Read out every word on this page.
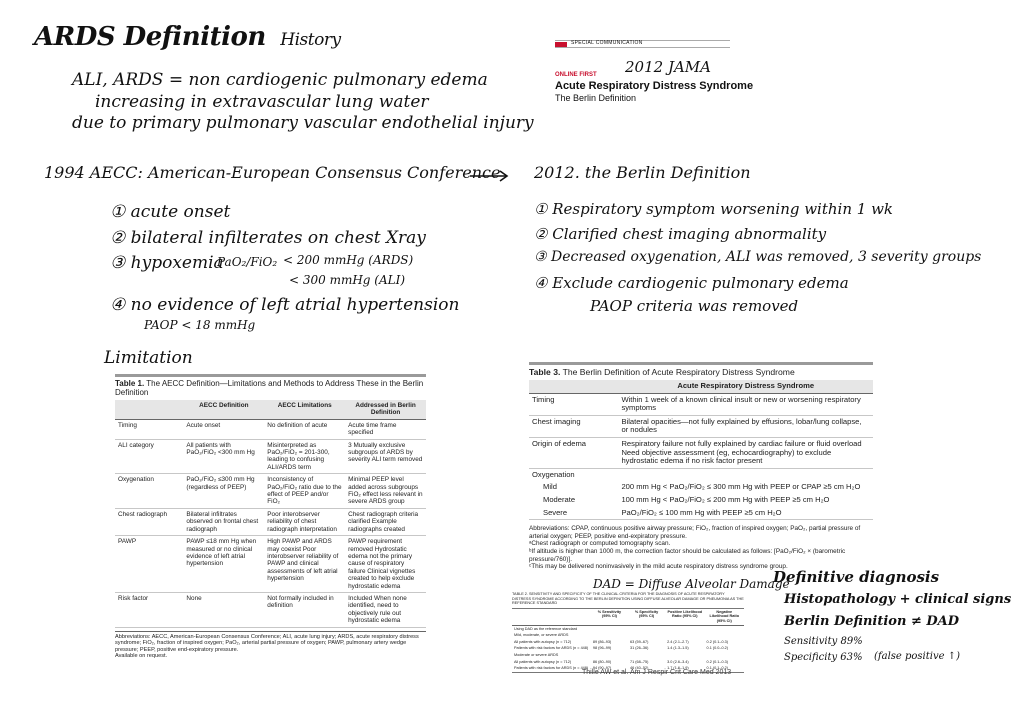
ARDS Definition History
ALI, ARDS = non cardiogenic pulmonary edema
increasing in extravascular lung water
due to primary pulmonary vascular endothelial injury
SPECIAL COMMUNICATION
ONLINE FIRST
Acute Respiratory Distress Syndrome
The Berlin Definition
2012 JAMA
1994 AECC: American-European Consensus Conference
① acute onset
② bilateral infilterates on chest Xray
③ hypoxemia
PaO₂/FiO₂ < 200 mmHg (ARDS)
< 300 mmHg (ALI)
④ no evidence of left atrial hypertension
PAOP < 18 mmHg
Limitation
2012. the Berlin Definition
① Respiratory symptom worsening within 1 wk
② Clarified chest imaging abnormality
③ Decreased oxygenation, ALI was removed, 3 severity groups
④ Exclude cardiogenic pulmonary edema
PAOP criteria was removed
Table 1. The AECC Definition—Limitations and Methods to Address These in the Berlin Definition
	AECC Definition	AECC Limitations	Addressed in Berlin Definition
Timing	Acute onset	No definition of acute	Acute time frame specified
ALI category	All patients with PaO₂/FiO₂ <300 mm Hg	Misinterpreted as PaO₂/FiO₂ = 201-300, leading to confusing ALI/ARDS term	3 Mutually exclusive subgroups of ARDS by severity ALI term removed
Oxygenation	PaO₂/FiO₂ ≤300 mm Hg (regardless of PEEP)	Inconsistency of PaO₂/FiO₂ ratio due to the effect of PEEP and/or FiO₂	Minimal PEEP level added across subgroups FiO₂ effect less relevant in severe ARDS group
Chest radiograph	Bilateral infiltrates observed on frontal chest radiograph	Poor interobserver reliability of chest radiograph interpretation	Chest radiograph criteria clarified Example radiographs created
PAWP	PAWP ≤18 mm Hg when measured or no clinical evidence of left atrial hypertension	High PAWP and ARDS may coexist Poor interobserver reliability of PAWP and clinical assessments of left atrial hypertension	PAWP requirement removed Hydrostatic edema not the primary cause of respiratory failure Clinical vignettes created to help exclude hydrostatic edema
Risk factor	None	Not formally included in definition	Included When none identified, need to objectively rule out hydrostatic edema
Abbreviations: AECC, American-European Consensus Conference; ALI, acute lung injury; ARDS, acute respiratory distress syndrome; FiO₂, fraction of inspired oxygen; PaO₂, arterial partial pressure of oxygen; PAWP, pulmonary artery wedge pressure; PEEP, positive end-expiratory pressure.
Available on request.
Table 3. The Berlin Definition of Acute Respiratory Distress Syndrome
	Acute Respiratory Distress Syndrome
Timing	Within 1 week of a known clinical insult or new or worsening respiratory symptoms
Chest imaging	Bilateral opacities—not fully explained by effusions, lobar/lung collapse, or nodules
Origin of edema	Respiratory failure not fully explained by cardiac failure or fluid overload Need objective assessment (eg, echocardiography) to exclude hydrostatic edema if no risk factor present
Oxygenation	
Mild	200 mm Hg < PaO₂/FiO₂ ≤ 300 mm Hg with PEEP or CPAP ≥5 cm H₂O
Moderate	100 mm Hg < PaO₂/FiO₂ ≤ 200 mm Hg with PEEP ≥5 cm H₂O
Severe	PaO₂/FiO₂ ≤ 100 mm Hg with PEEP ≥5 cm H₂O
Abbreviations: CPAP, continuous positive airway pressure; FiO₂, fraction of inspired oxygen; PaO₂, partial pressure of arterial oxygen; PEEP, positive end-expiratory pressure.
ᵃChest radiograph or computed tomography scan.
ᵇIf altitude is higher than 1000 m, the correction factor should be calculated as follows: [PaO₂/FiO₂ × (barometric pressure/760)].
ᶜThis may be delivered noninvasively in the mild acute respiratory distress syndrome group.
DAD = Diffuse Alveolar Damage
TABLE 2. SENSITIVITY AND SPECIFICITY OF THE CLINICAL CRITERIA FOR THE DIAGNOSIS OF ACUTE RESPIRATORY DISTRESS SYNDROME ACCORDING TO THE BERLIN DEFINITION USING DIFFUSE ALVEOLAR DAMAGE OR PNEUMONIA AS THE REFERENCE STANDARD
	% Sensitivity (95% CI)	% Specificity (95% CI)	Positive Likelihood Ratio (95% CI)	Negative Likelihood Ratio (95% CI)
Using DAD as the reference standard				
Mild, moderate, or severe ARDS				
All patients with autopsy (n = 712)	89 (86–93)	63 (59–67)	2.4 (2.1–2.7)	0.2 (0.1–0.3)
Patients with risk factors for ARDS (n = 448)	98 (96–99)	31 (26–36)	1.4 (1.3–1.5)	0.1 (0.0–0.2)
Moderate or severe ARDS				
All patients with autopsy (n = 712)	86 (80–90)	71 (68–75)	3.0 (2.6–3.4)	0.2 (0.1–0.3)
Patients with risk factors for ARDS (n = 448)	94 (90–97)	46 (40–52)	1.7 (1.6–1.9)	0.1 (0.1–0.2)
Thille AW et al. Am J Respir Crit Care Med 2013
Definitive diagnosis
Histopathology + clinical signs
Berlin Definition ≠ DAD
Sensitivity 89%
Specificity 63% (false positive ↑)
